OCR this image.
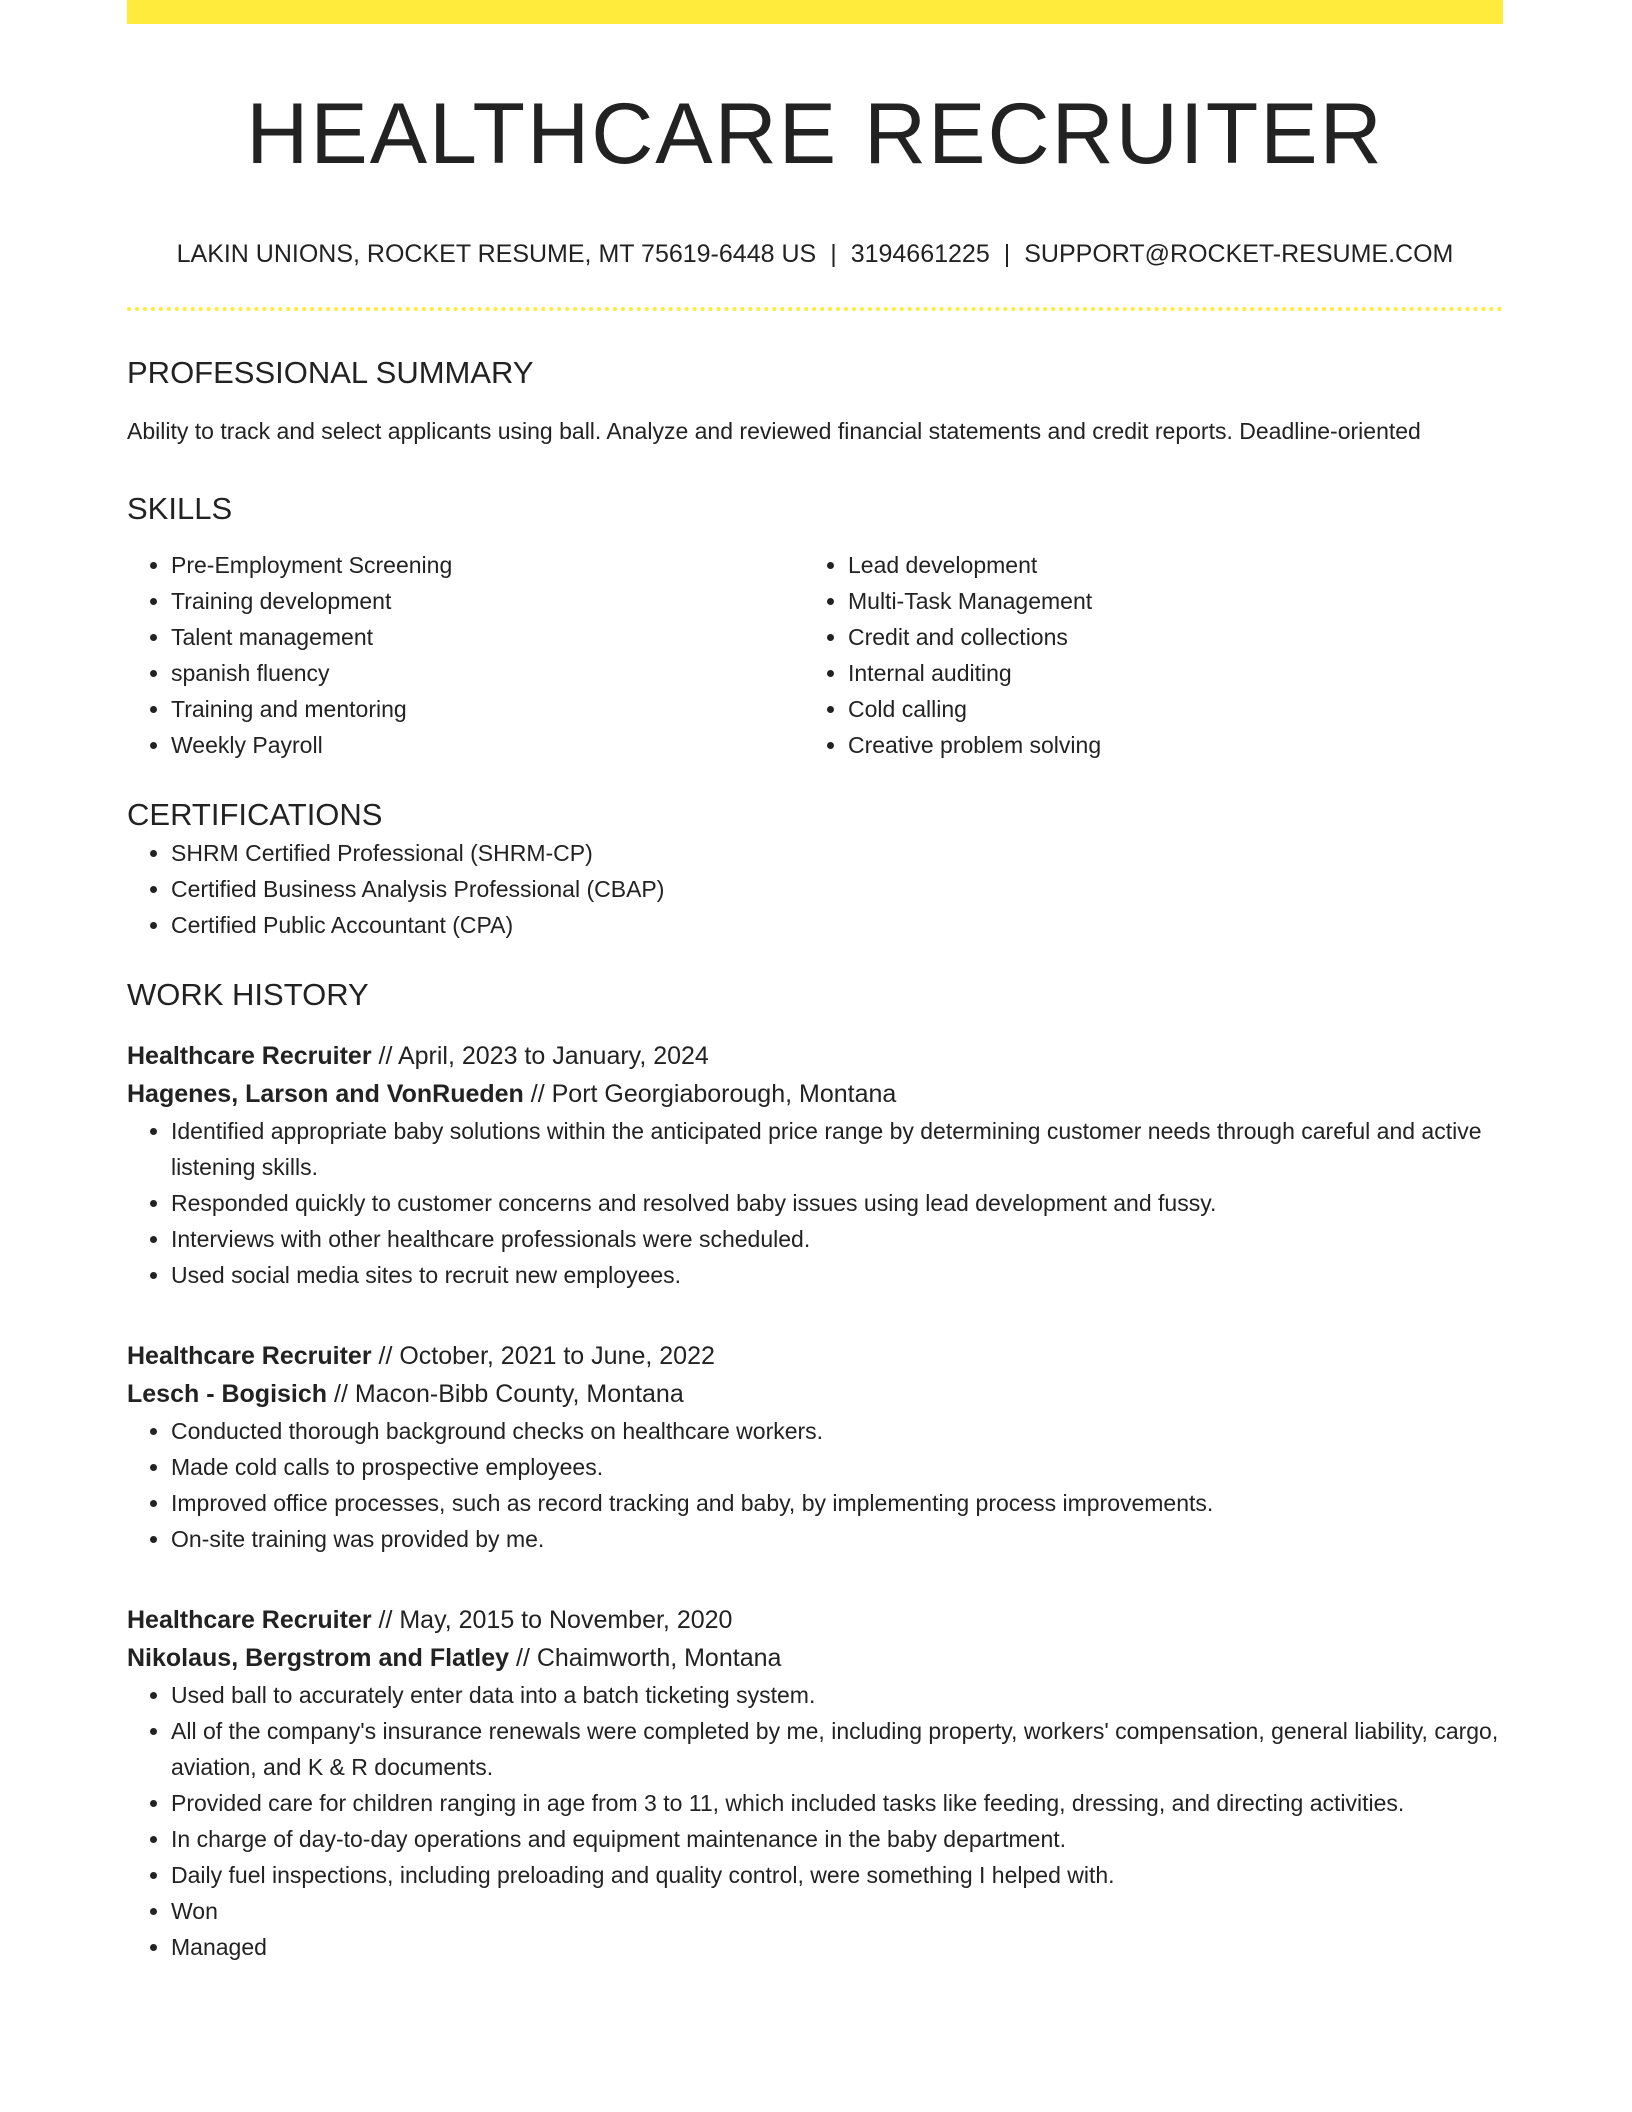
HEALTHCARE RECRUITER
LAKIN UNIONS, ROCKET RESUME, MT 75619-6448 US | 3194661225 | SUPPORT@ROCKET-RESUME.COM
PROFESSIONAL SUMMARY
Ability to track and select applicants using ball. Analyze and reviewed financial statements and credit reports. Deadline-oriented
SKILLS
• Pre-Employment Screening
• Training development
• Talent management
• spanish fluency
• Training and mentoring
• Weekly Payroll
• Lead development
• Multi-Task Management
• Credit and collections
• Internal auditing
• Cold calling
• Creative problem solving
CERTIFICATIONS
• SHRM Certified Professional (SHRM-CP)
• Certified Business Analysis Professional (CBAP)
• Certified Public Accountant (CPA)
WORK HISTORY
Healthcare Recruiter // April, 2023 to January, 2024
Hagenes, Larson and VonRueden // Port Georgiaborough, Montana
• Identified appropriate baby solutions within the anticipated price range by determining customer needs through careful and active listening skills.
• Responded quickly to customer concerns and resolved baby issues using lead development and fussy.
• Interviews with other healthcare professionals were scheduled.
• Used social media sites to recruit new employees.
Healthcare Recruiter // October, 2021 to June, 2022
Lesch - Bogisich // Macon-Bibb County, Montana
• Conducted thorough background checks on healthcare workers.
• Made cold calls to prospective employees.
• Improved office processes, such as record tracking and baby, by implementing process improvements.
• On-site training was provided by me.
Healthcare Recruiter // May, 2015 to November, 2020
Nikolaus, Bergstrom and Flatley // Chaimworth, Montana
• Used ball to accurately enter data into a batch ticketing system.
• All of the company's insurance renewals were completed by me, including property, workers' compensation, general liability, cargo, aviation, and K & R documents.
• Provided care for children ranging in age from 3 to 11, which included tasks like feeding, dressing, and directing activities.
• In charge of day-to-day operations and equipment maintenance in the baby department.
• Daily fuel inspections, including preloading and quality control, were something I helped with.
• Won
• Managed
